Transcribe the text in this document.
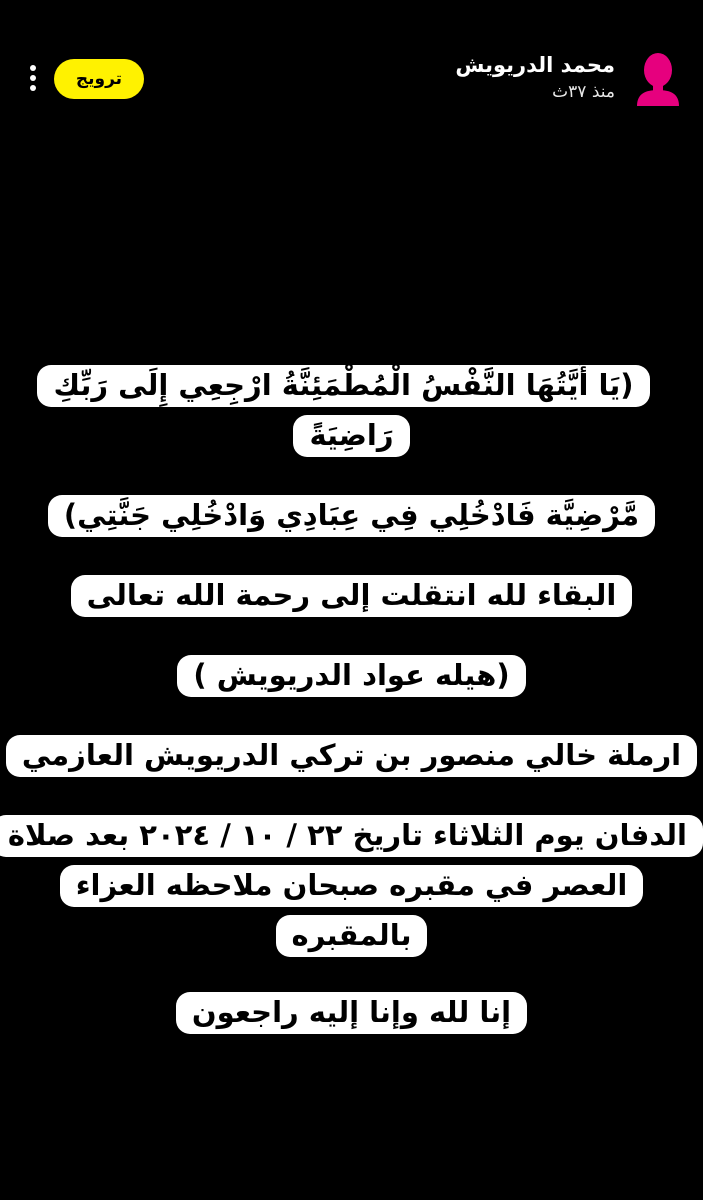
محمد الدريويش
منذ ٣٧ث
ترويج
(يَا أَيَّتُهَا النَّفْسُ الْمُطْمَئِنَّةُ ارْجِعِي إِلَى رَبِّكِ رَاضِيَةً
مَّرْضِيَّة فَادْخُلِي فِي عِبَادِي وَادْخُلِي جَنَّتِي)
البقاء لله انتقلت إلى رحمة الله تعالى
(هيله عواد الدريويش )
ارملة خالي منصور بن تركي الدريويش العازمي
الدفان يوم الثلاثاء تاريخ ٢٢ / ١٠ / ٢٠٢٤ بعد صلاة العصر في مقبره صبحان ملاحظه العزاء بالمقبره
إنا لله وإنا إليه راجعون
